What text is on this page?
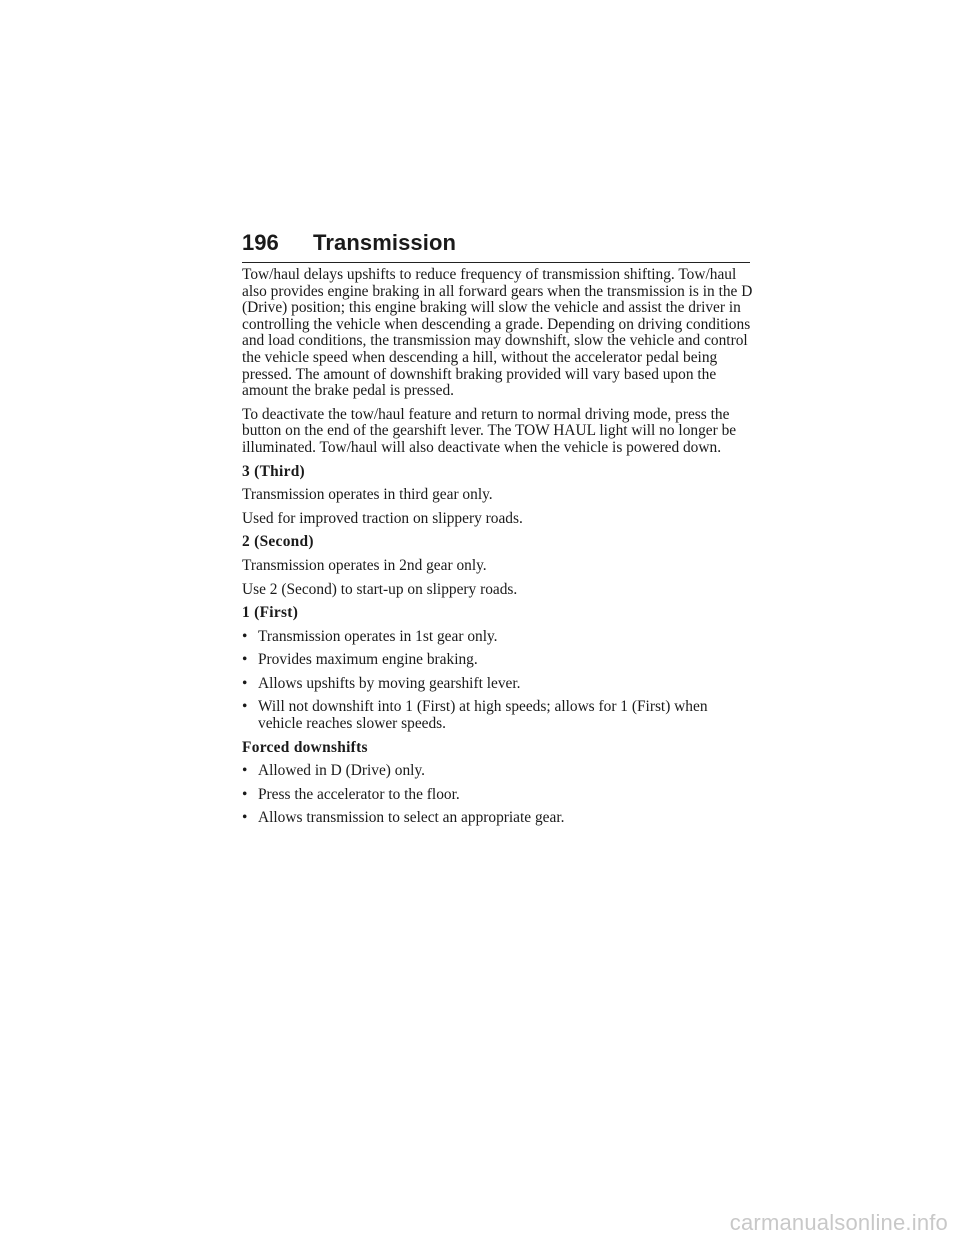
196 Transmission

Tow/haul delays upshifts to reduce frequency of transmission shifting. Tow/haul also provides engine braking in all forward gears when the transmission is in the D (Drive) position; this engine braking will slow the vehicle and assist the driver in controlling the vehicle when descending a grade. Depending on driving conditions and load conditions, the transmission may downshift, slow the vehicle and control the vehicle speed when descending a hill, without the accelerator pedal being pressed. The amount of downshift braking provided will vary based upon the amount the brake pedal is pressed.

To deactivate the tow/haul feature and return to normal driving mode, press the button on the end of the gearshift lever. The TOW HAUL light will no longer be illuminated. Tow/haul will also deactivate when the vehicle is powered down.

3 (Third)

Transmission operates in third gear only.

Used for improved traction on slippery roads.

2 (Second)

Transmission operates in 2nd gear only.

Use 2 (Second) to start-up on slippery roads.

1 (First)

• Transmission operates in 1st gear only.
• Provides maximum engine braking.
• Allows upshifts by moving gearshift lever.
• Will not downshift into 1 (First) at high speeds; allows for 1 (First) when vehicle reaches slower speeds.

Forced downshifts

• Allowed in D (Drive) only.
• Press the accelerator to the floor.
• Allows transmission to select an appropriate gear.
carmanualsonline.info
